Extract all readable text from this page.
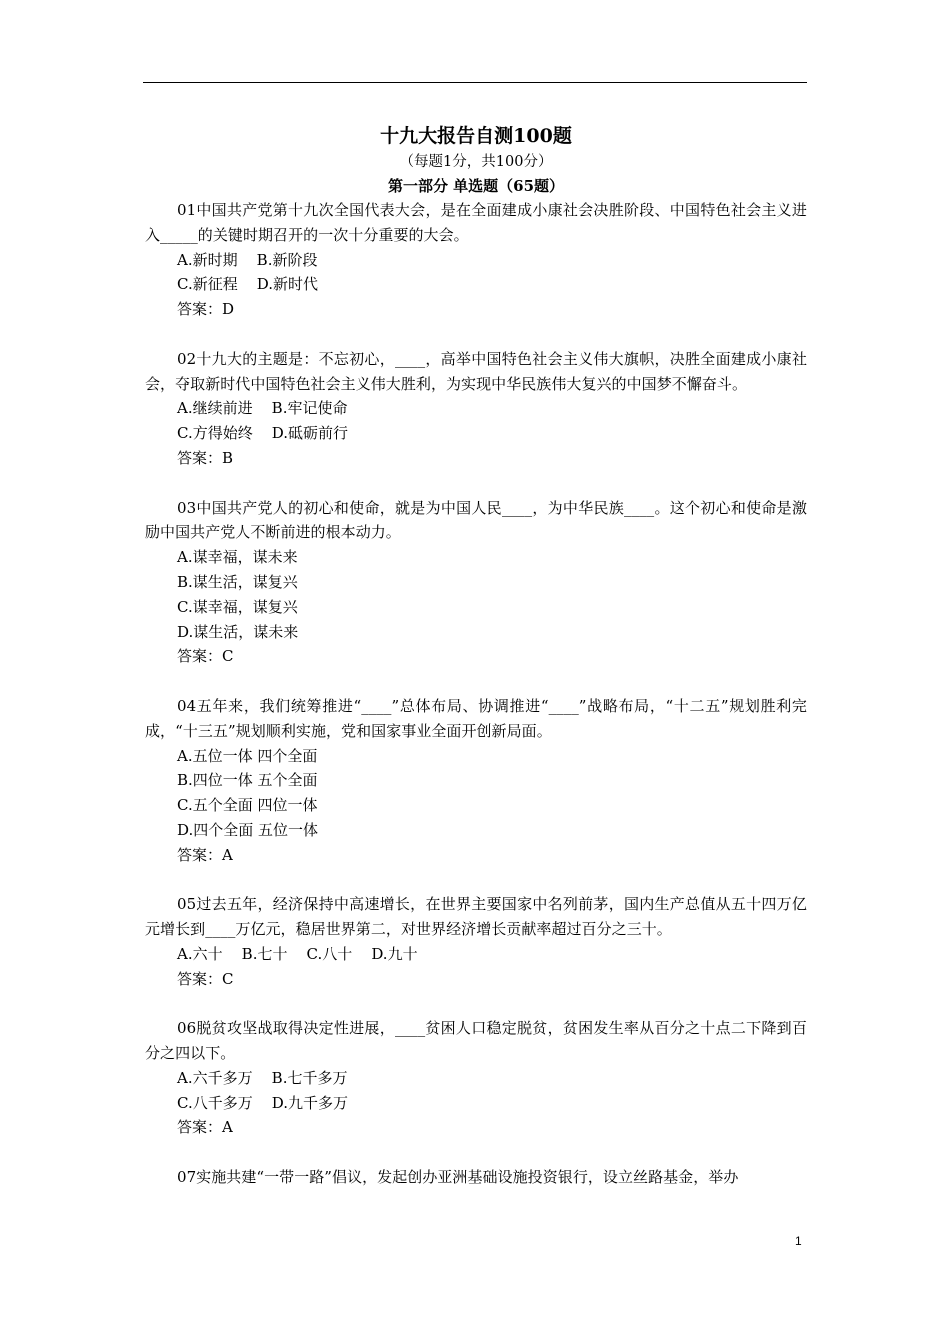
十九大报告自测100题

（每题1分，共100分）

第一部分 单选题（65题）

01中国共产党第十九次全国代表大会，是在全面建成小康社会决胜阶段、中国特色社会主义进入_____的关键时期召开的一次十分重要的大会。

A.新时期    B.新阶段

C.新征程    D.新时代

答案：D

02十九大的主题是：不忘初心，____，高举中国特色社会主义伟大旗帜，决胜全面建成小康社会，夺取新时代中国特色社会主义伟大胜利，为实现中华民族伟大复兴的中国梦不懈奋斗。

A.继续前进    B.牢记使命

C.方得始终    D.砥砺前行

答案：B

03中国共产党人的初心和使命，就是为中国人民____，为中华民族____。这个初心和使命是激励中国共产党人不断前进的根本动力。

A.谋幸福，谋未来

B.谋生活，谋复兴

C.谋幸福，谋复兴

D.谋生活，谋未来

答案：C

04五年来，我们统筹推进“____”总体布局、协调推进“____”战略布局，“十二五”规划胜利完成，“十三五”规划顺利实施，党和国家事业全面开创新局面。

A.五位一体 四个全面

B.四位一体 五个全面

C.五个全面 四位一体

D.四个全面 五位一体

答案：A

05过去五年，经济保持中高速增长，在世界主要国家中名列前茅，国内生产总值从五十四万亿元增长到____万亿元，稳居世界第二，对世界经济增长贡献率超过百分之三十。

A.六十    B.七十    C.八十    D.九十

答案：C

06脱贫攻坚战取得决定性进展，____贫困人口稳定脱贫，贫困发生率从百分之十点二下降到百分之四以下。

A.六千多万    B.七千多万

C.八千多万    D.九千多万

答案：A

07实施共建“一带一路”倡议，发起创办亚洲基础设施投资银行，设立丝路基金，举办

1
